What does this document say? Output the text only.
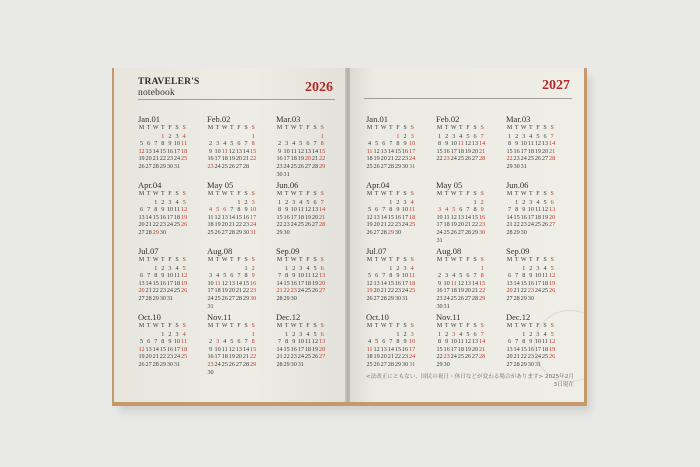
TRAVELER'S
notebook	2026
Jan.01
M T W T F S S
1 2 3 4
5 6 7 8 9 10 11
12 13 14 15 16 17 18
19 20 21 22 23 24 25
26 27 28 29 30 31
Feb.02
M T W T F S S
1
2 3 4 5 6 7 8
9 10 11 12 13 14 15
16 17 18 19 20 21 22
23 24 25 26 27 28
Mar.03
M T W T F S S
1
2 3 4 5 6 7 8
9 10 11 12 13 14 15
16 17 18 19 20 21 22
23 24 25 26 27 28 29
30 31
Apr.04
M T W T F S S
1 2 3 4 5
6 7 8 9 10 11 12
13 14 15 16 17 18 19
20 21 22 23 24 25 26
27 28 29 30
May 05
M T W T F S S
1 2 3
4 5 6 7 8 9 10
11 12 13 14 15 16 17
18 19 20 21 22 23 24
25 26 27 28 29 30 31
Jun.06
M T W T F S S
1 2 3 4 5 6 7
8 9 10 11 12 13 14
15 16 17 18 19 20 21
22 23 24 25 26 27 28
29 30
Jul.07
M T W T F S S
1 2 3 4 5
6 7 8 9 10 11 12
13 14 15 16 17 18 19
20 21 22 23 24 25 26
27 28 29 30 31
Aug.08
M T W T F S S
1 2
3 4 5 6 7 8 9
10 11 12 13 14 15 16
17 18 19 20 21 22 23
24 25 26 27 28 29 30
31
Sep.09
M T W T F S S
1 2 3 4 5 6
7 8 9 10 11 12 13
14 15 16 17 18 19 20
21 22 23 24 25 26 27
28 29 30
Oct.10
M T W T F S S
1 2 3 4
5 6 7 8 9 10 11
12 13 14 15 16 17 18
19 20 21 22 23 24 25
26 27 28 29 30 31
Nov.11
M T W T F S S
1
2 3 4 5 6 7 8
9 10 11 12 13 14 15
16 17 18 19 20 21 22
23 24 25 26 27 28 29
30
Dec.12
M T W T F S S
1 2 3 4 5 6
7 8 9 10 11 12 13
14 15 16 17 18 19 20
21 22 23 24 25 26 27
28 29 30 31
2027
Jan.01
M T W T F S S
1 2 3
4 5 6 7 8 9 10
11 12 13 14 15 16 17
18 19 20 21 22 23 24
25 26 27 28 29 30 31
Feb.02
M T W T F S S
1 2 3 4 5 6 7
8 9 10 11 12 13 14
15 16 17 18 19 20 21
22 23 24 25 26 27 28
Mar.03
M T W T F S S
1 2 3 4 5 6 7
8 9 10 11 12 13 14
15 16 17 18 19 20 21
22 23 24 25 26 27 28
29 30 31
Apr.04
M T W T F S S
1 2 3 4
5 6 7 8 9 10 11
12 13 14 15 16 17 18
19 20 21 22 23 24 25
26 27 28 29 30
May 05
M T W T F S S
1 2
3 4 5 6 7 8 9
10 11 12 13 14 15 16
17 18 19 20 21 22 23
24 25 26 27 28 29 30
31
Jun.06
M T W T F S S
1 2 3 4 5 6
7 8 9 10 11 12 13
14 15 16 17 18 19 20
21 22 23 24 25 26 27
28 29 30
Jul.07
M T W T F S S
1 2 3 4
5 6 7 8 9 10 11
12 13 14 15 16 17 18
19 20 21 22 23 24 25
26 27 28 29 30 31
Aug.08
M T W T F S S
1
2 3 4 5 6 7 8
9 10 11 12 13 14 15
16 17 18 19 20 21 22
23 24 25 26 27 28 29
30 31
Sep.09
M T W T F S S
1 2 3 4 5
6 7 8 9 10 11 12
13 14 15 16 17 18 19
20 21 22 23 24 25 26
27 28 29 30
Oct.10
M T W T F S S
1 2 3
4 5 6 7 8 9 10
11 12 13 14 15 16 17
18 19 20 21 22 23 24
25 26 27 28 29 30 31
Nov.11
M T W T F S S
1 2 3 4 5 6 7
8 9 10 11 12 13 14
15 16 17 18 19 20 21
22 23 24 25 26 27 28
29 30
Dec.12
M T W T F S S
1 2 3 4 5
6 7 8 9 10 11 12
13 14 15 16 17 18 19
20 21 22 23 24 25 26
27 28 29 30 31
<法改正にともない、国民の祝日・休日などが変わる場合があります> 2025年2月3日現在
